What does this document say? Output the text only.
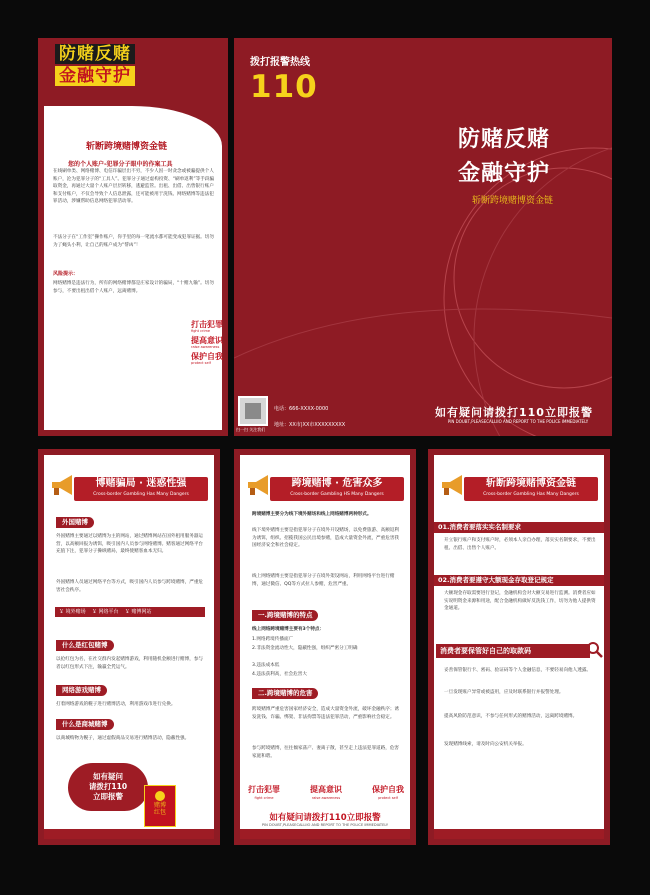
防赌反赌
金融守护
斩断跨境赌博资金链
您的个人账户-犯罪分子眼中的作案工具
在线刷单类、网络赌博、电信诈骗层出不穷，不少人因一时贪念或被骗提供个人账户，沦为犯罪分子的“工具人”。犯罪分子通过虚构投资、“刷单返利”等手段骗取资金，再通过大量个人账户层层转移，逃避监管。出租、出借、出售银行账户和支付账户，不仅会导致个人信息泄露，还可能被用于洗钱、网络赌博等违法犯罪活动，涉嫌帮助信息网络犯罪活动罪。
不法分子在“工作室”操作账户，你手里的每一笔流水都可能变成犯罪证据。切勿为了蝇头小利，让自己的账户成为“帮凶”！
风险提示：
网络赌博是违法行为，所有的网络赌博都是庄家设计的骗局，“十赌九输”。切勿参与，不要出租出借个人账户，远离赌博。
打击犯罪
fight crime
提高意识
raise awareness
保护自我
protect self
拨打报警热线
110
防赌反赌
金融守护
斩断跨境赌博资金链
扫一扫 关注我们
电话：666-XXXX-0000
地址：XX市|XX市XXXXXXXXX
如有疑问请拨打110立即报警
PIN DOUBT,PLEASECALLIIO AND REPORT TO THE POLICE IMMEDIATELY
博赌骗局 · 迷惑性强
Cross-border Gambling Has Many Dangers
外国赌博
外国赌博主要通过以赌博为主的网站，通过赌博网站在国外租用服务器运营，以高额回报为诱饵，吸引国内人员参与网络赌博。赌客通过网络平台充值下注，犯罪分子操纵赌局，最终使赌客血本无归。
外国赌博人员通过网络平台等方式，吸引国内人员参与跨境赌博，严重危害社会秩序。
￥ 境外赌场 ￥ 网络平台 ￥ 赌博网站
什么是红包赌博
以抢红包为名，在社交群内发起赌博游戏，利用随机金额进行赌博，参与者以红包形式下注，输赢全凭运气。
网络游戏赌博
打着网络游戏的幌子进行赌博活动，利用游戏币进行兑换。
什么是商城赌博
以商城购物为幌子，通过虚假商品交易进行赌博活动，隐蔽性强。
如有疑问
请拨打110
立即报警
赌博
红包
跨境赌博 · 危害众多
Cross-border Gambling HS Many Dangers
跨境赌博主要分为线下境外赌场和线上网络赌博两种形式。
线下境外赌博主要是指犯罪分子在境外开设赌场，以免费旅游、高额返利为诱饵，组织、招揽我国公民出境参赌，造成大量资金外流，严重危害我国经济安全和社会稳定。
线上网络赌博主要是指犯罪分子在境外架设网站，利用网络平台进行赌博，通过微信、QQ等方式拉人参赌，危害严重。
一.跨境赌博的特点
线上网络跨境赌博主要有3个特点：
1.网络跨境传播面广
2.非法资金流动性大，隐蔽性强，组织严密分工明确
3.违法成本低
4.违法获利高，社会危害大
二.跨境赌博的危害
跨境赌博严重危害国家经济安全，造成大量资金外流，破坏金融秩序；诱发洗钱、诈骗、绑架、非法拘禁等违法犯罪活动，严重影响社会稳定。
参与跨境赌博，往往倾家荡产、妻离子散，甚至走上违法犯罪道路，危害家庭和谐。
打击犯罪
fight crime
提高意识
raise awareness
保护自我
protect self
如有疑问请拨打110立即报警
PIN DOUBT,PLEASECALLIIO AND REPORT TO THE POLICE IMMEDIATELY
斩断跨境赌博资金链
Cross-border Gambling Has Many Dangers
01.消费者要落实实名制要求
开立银行账户和支付账户时，必须本人亲自办理，落实实名制要求，不要出租、出借、出售个人账户。
02.消费者要遵守大额现金存取登记规定
大额现金存取需要进行登记，金融机构会对大额交易进行监测。消费者应如实说明资金来源和用途，配合金融机构做好反洗钱工作，切勿为他人提供资金通道。
消费者要保管好自己的取款码
妥善保管银行卡、密码、验证码等个人金融信息，不要轻易向他人透露。
一旦发现账户异常或被盗用，应及时联系银行并报警处理。
提高风险防范意识，不参与任何形式的赌博活动，远离跨境赌博。
发现赌博线索，请及时向公安机关举报。
